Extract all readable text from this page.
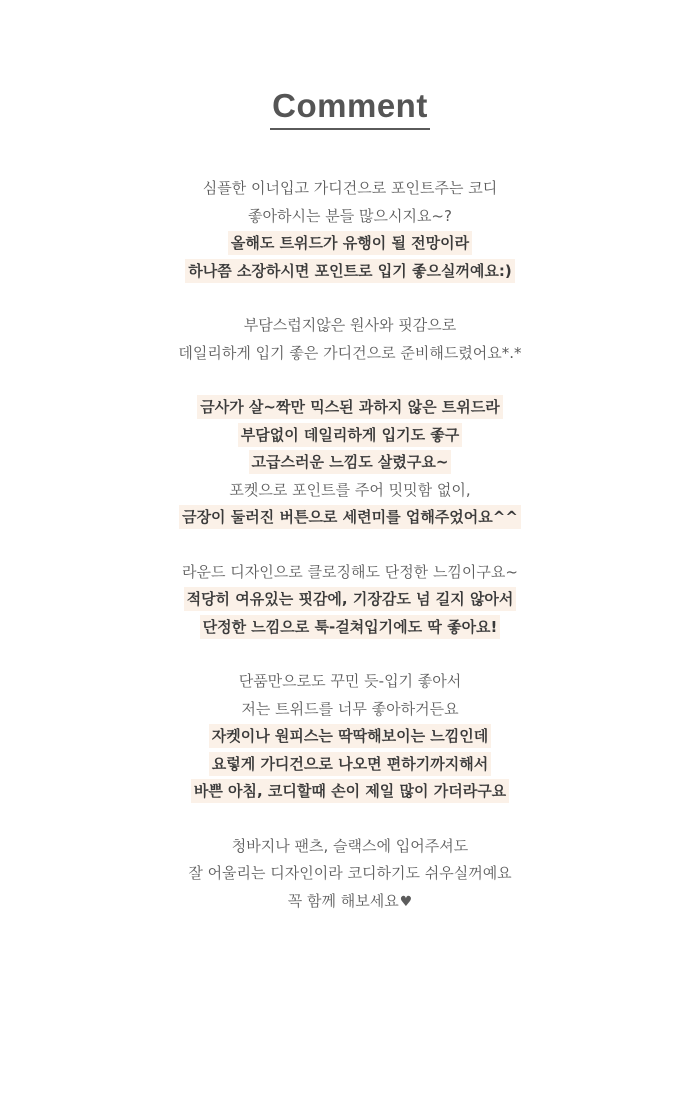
Comment
심플한 이너입고 가디건으로 포인트주는 코디
좋아하시는 분들 많으시지요~?
올해도 트위드가 유행이 될 전망이라
하나쯤 소장하시면 포인트로 입기 좋으실꺼예요:)
부담스럽지않은 원사와 핏감으로
데일리하게 입기 좋은 가디건으로 준비해드렸어요*.*
금사가 살~짝만 믹스된 과하지 않은 트위드라
부담없이 데일리하게 입기도 좋구
고급스러운 느낌도 살렸구요~
포켓으로 포인트를 주어 밋밋함 없이,
금장이 둘러진 버튼으로 세련미를 업해주었어요^^
라운드 디자인으로 클로징해도 단정한 느낌이구요~
적당히 여유있는 핏감에, 기장감도 넘 길지 않아서
단정한 느낌으로 툭-걸쳐입기에도 딱 좋아요!
단품만으로도 꾸민 듯-입기 좋아서
저는 트위드를 너무 좋아하거든요
자켓이나 원피스는 딱딱해보이는 느낌인데
요렇게 가디건으로 나오면 편하기까지해서
바쁜 아침, 코디할때 손이 제일 많이 가더라구요
청바지나 팬츠, 슬랙스에 입어주셔도
잘 어울리는 디자인이라 코디하기도 쉬우실꺼예요
꼭 함께 해보세요♥
